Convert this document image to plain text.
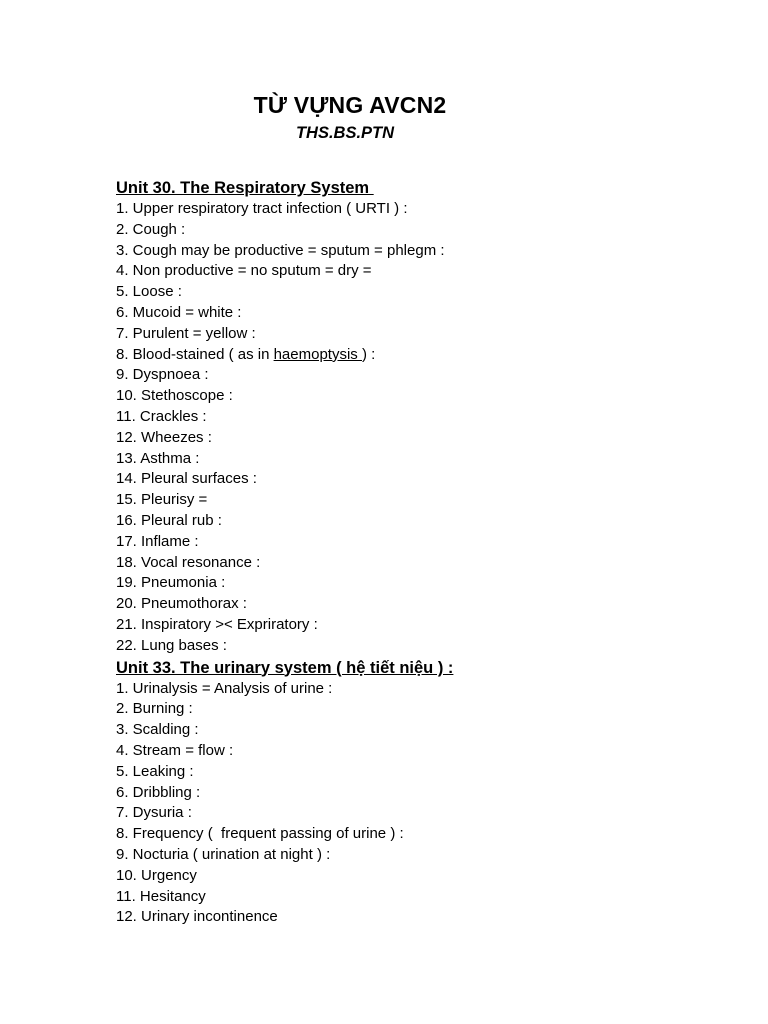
TỪ VỰNG AVCN2
THS.BS.PTN
Unit 30. The Respiratory System
1. Upper respiratory tract infection ( URTI ) :
2. Cough :
3. Cough may be productive = sputum = phlegm :
4. Non productive = no sputum = dry =
5. Loose :
6. Mucoid = white :
7. Purulent = yellow :
8. Blood-stained ( as in haemoptysis ) :
9. Dyspnoea :
10. Stethoscope :
11. Crackles :
12. Wheezes :
13. Asthma :
14. Pleural surfaces :
15. Pleurisy =
16. Pleural rub :
17. Inflame :
18. Vocal resonance :
19. Pneumonia :
20. Pneumothorax :
21. Inspiratory >< Expriratory :
22. Lung bases :
Unit 33. The urinary system ( hệ tiết niệu ) :
1. Urinalysis = Analysis of urine :
2. Burning :
3. Scalding :
4. Stream = flow :
5. Leaking :
6. Dribbling :
7. Dysuria :
8. Frequency (  frequent passing of urine ) :
9. Nocturia ( urination at night ) :
10. Urgency
11. Hesitancy
12. Urinary incontinence
